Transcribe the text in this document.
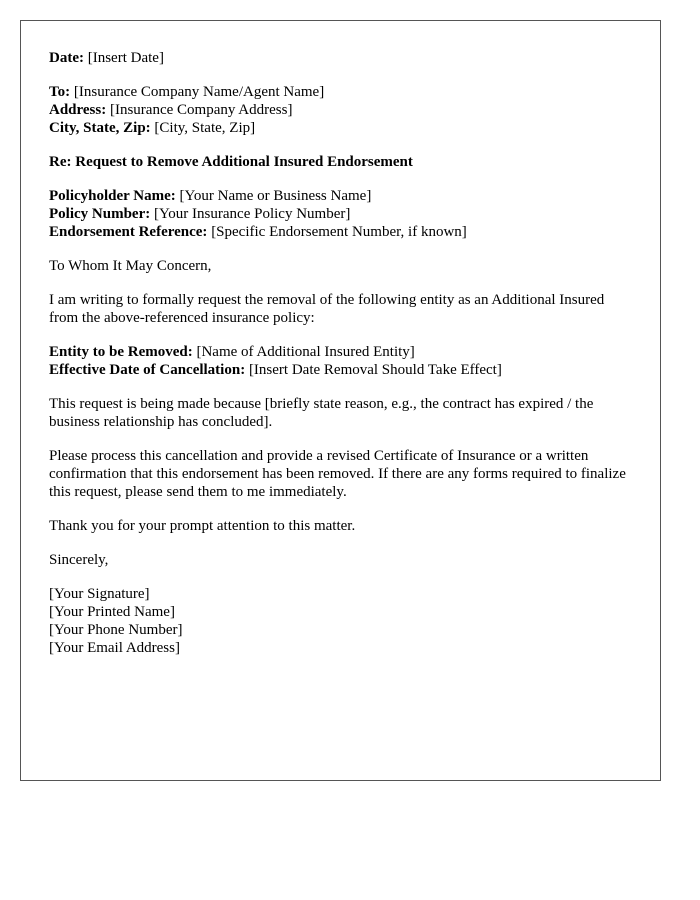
Date: [Insert Date]

To: [Insurance Company Name/Agent Name]
Address: [Insurance Company Address]
City, State, Zip: [City, State, Zip]

Re: Request to Remove Additional Insured Endorsement

Policyholder Name: [Your Name or Business Name]
Policy Number: [Your Insurance Policy Number]
Endorsement Reference: [Specific Endorsement Number, if known]

To Whom It May Concern,

I am writing to formally request the removal of the following entity as an Additional Insured from the above-referenced insurance policy:

Entity to be Removed: [Name of Additional Insured Entity]
Effective Date of Cancellation: [Insert Date Removal Should Take Effect]

This request is being made because [briefly state reason, e.g., the contract has expired / the business relationship has concluded].

Please process this cancellation and provide a revised Certificate of Insurance or a written confirmation that this endorsement has been removed. If there are any forms required to finalize this request, please send them to me immediately.

Thank you for your prompt attention to this matter.

Sincerely,

[Your Signature]
[Your Printed Name]
[Your Phone Number]
[Your Email Address]
